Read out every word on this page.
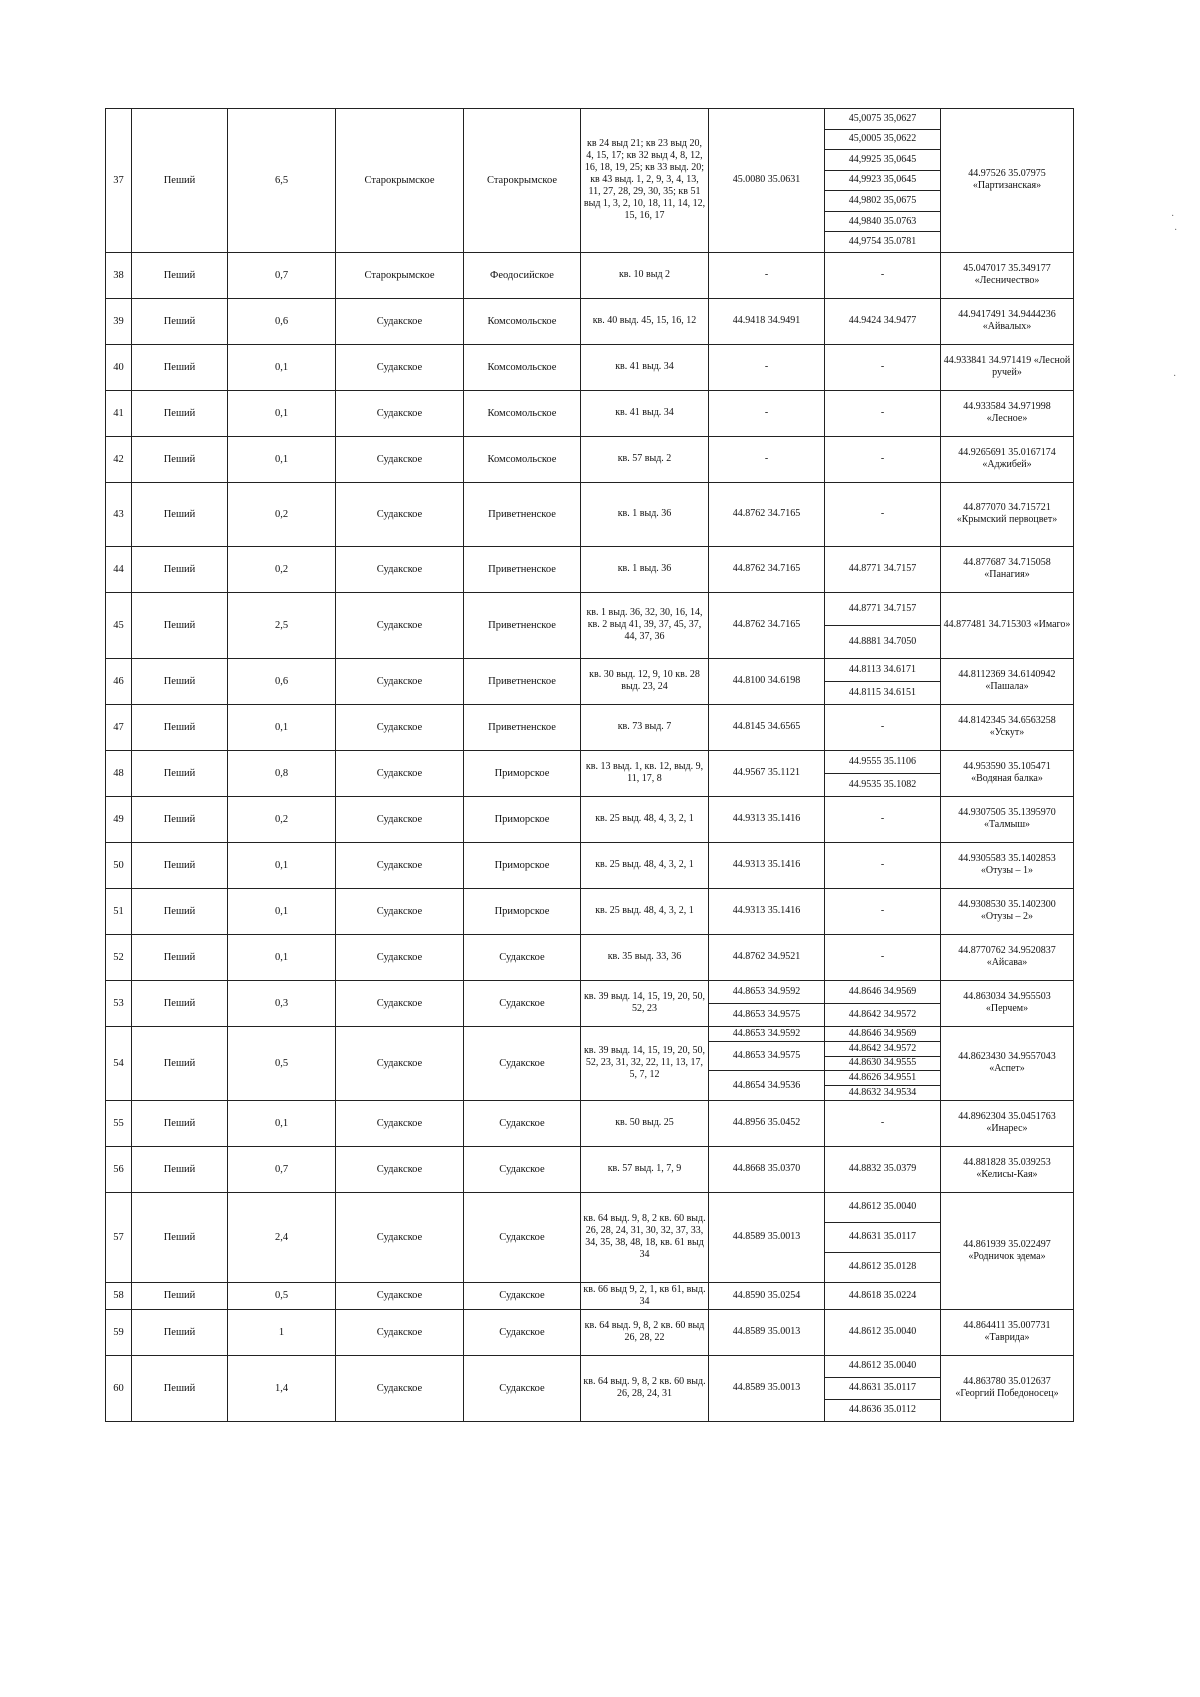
37	Пеший	6,5	Старокрымское	Старокрымское	кв 24 выд 21; кв 23 выд 20, 4, 15, 17; кв 32 выд 4, 8, 12, 16, 18, 19, 25; кв 33 выд. 20; кв 43 выд. 1, 2, 9, 3, 4, 13, 11, 27, 28, 29, 30, 35; кв 51 выд 1, 3, 2, 10, 18, 11, 14, 12, 15, 16, 17	45.0080 35.0631	45,0075 35,0627	44.97526 35.07975 «Партизанская»
							45,0005 35,0622	
							44,9925 35,0645	
							44,9923 35,0645	
							44,9802 35,0675	
							44,9840 35.0763	
							44,9754 35.0781	
38	Пеший	0,7	Старокрымское	Феодосийское	кв. 10 выд 2	-	-	45.047017 35.349177 «Лесничество»
39	Пеший	0,6	Судакское	Комсомольское	кв. 40 выд. 45, 15, 16, 12	44.9418 34.9491	44.9424 34.9477	44.9417491 34.9444236 «Айвалых»
40	Пеший	0,1	Судакское	Комсомольское	кв. 41 выд. 34	-	-	44.933841 34.971419 «Лесной ручей»
41	Пеший	0,1	Судакское	Комсомольское	кв. 41 выд. 34	-	-	44.933584 34.971998 «Лесное»
42	Пеший	0,1	Судакское	Комсомольское	кв. 57 выд. 2	-	-	44.9265691 35.0167174 «Аджибей»
43	Пеший	0,2	Судакское	Приветненское	кв. 1 выд. 36	44.8762 34.7165	-	44.877070 34.715721 «Крымский первоцвет»
44	Пеший	0,2	Судакское	Приветненское	кв. 1 выд. 36	44.8762 34.7165	44.8771 34.7157	44.877687 34.715058 «Панагия»
45	Пеший	2,5	Судакское	Приветненское	кв. 1 выд. 36, 32, 30, 16, 14, кв. 2 выд 41, 39, 37, 45, 37, 44, 37, 36	44.8762 34.7165	44.8771 34.7157	44.877481 34.715303 «Имаго»
							44.8881 34.7050	
46	Пеший	0,6	Судакское	Приветненское	кв. 30 выд. 12, 9, 10 кв. 28 выд. 23, 24	44.8100 34.6198	44.8113 34.6171	44.8112369 34.6140942 «Пашала»
							44.8115 34.6151	
47	Пеший	0,1	Судакское	Приветненское	кв. 73 выд. 7	44.8145 34.6565	-	44.8142345 34.6563258 «Ускут»
48	Пеший	0,8	Судакское	Приморское	кв. 13 выд. 1, кв. 12, выд. 9, 11, 17, 8	44.9567 35.1121	44.9555 35.1106	44.953590 35.105471 «Водяная балка»
							44.9535 35.1082	
49	Пеший	0,2	Судакское	Приморское	кв. 25 выд. 48, 4, 3, 2, 1	44.9313 35.1416	-	44.9307505 35.1395970 «Талмыш»
50	Пеший	0,1	Судакское	Приморское	кв. 25 выд. 48, 4, 3, 2, 1	44.9313 35.1416	-	44.9305583 35.1402853 «Отузы – 1»
51	Пеший	0,1	Судакское	Приморское	кв. 25 выд. 48, 4, 3, 2, 1	44.9313 35.1416	-	44.9308530 35.1402300 «Отузы – 2»
52	Пеший	0,1	Судакское	Судакское	кв. 35 выд. 33, 36	44.8762 34.9521	-	44.8770762 34.9520837 «Айсава»
53	Пеший	0,3	Судакское	Судакское	кв. 39 выд. 14, 15, 19, 20, 50, 52, 23	44.8653 34.9592	44.8646 34.9569	44.863034 34.955503 «Перчем»
						44.8653 34.9575	44.8642 34.9572	
54	Пеший	0,5	Судакское	Судакское	кв. 39 выд. 14, 15, 19, 20, 50, 52, 23, 31, 32, 22, 11, 13, 17, 5, 7, 12	44.8653 34.9592	44.8646 34.9569	44.8623430 34.9557043 «Аспет»
						44.8653 34.9575	44.8642 34.9572	
							44.8630 34.9555	
						44.8654 34.9536	44.8626 34.9551	
							44.8632 34.9534	
55	Пеший	0,1	Судакское	Судакское	кв. 50 выд. 25	44.8956 35.0452	-	44.8962304 35.0451763 «Инарес»
56	Пеший	0,7	Судакское	Судакское	кв. 57 выд. 1, 7, 9	44.8668 35.0370	44.8832 35.0379	44.881828 35.039253 «Келисы-Кая»
57	Пеший	2,4	Судакское	Судакское	кв. 64 выд. 9, 8, 2 кв. 60 выд. 26, 28, 24, 31, 30, 32, 37, 33, 34, 35, 38, 48, 18, кв. 61 выд 34	44.8589 35.0013	44.8612 35.0040	44.861939 35.022497 «Родничок эдема»
							44.8631 35.0117	
							44.8612 35.0128	
58	Пеший	0,5	Судакское	Судакское	кв. 66 выд 9, 2, 1, кв 61, выд. 34	44.8590 35.0254	44.8618 35.0224	
59	Пеший	1	Судакское	Судакское	кв. 64 выд. 9, 8, 2 кв. 60 выд 26, 28, 22	44.8589 35.0013	44.8612 35.0040	44.864411 35.007731 «Таврида»
60	Пеший	1,4	Судакское	Судакское	кв. 64 выд. 9, 8, 2 кв. 60 выд. 26, 28, 24, 31	44.8589 35.0013	44.8612 35.0040	44.863780 35.012637 «Георгий Победоносец»
							44.8631 35.0117	
							44.8636 35.0112	
·
·
·
